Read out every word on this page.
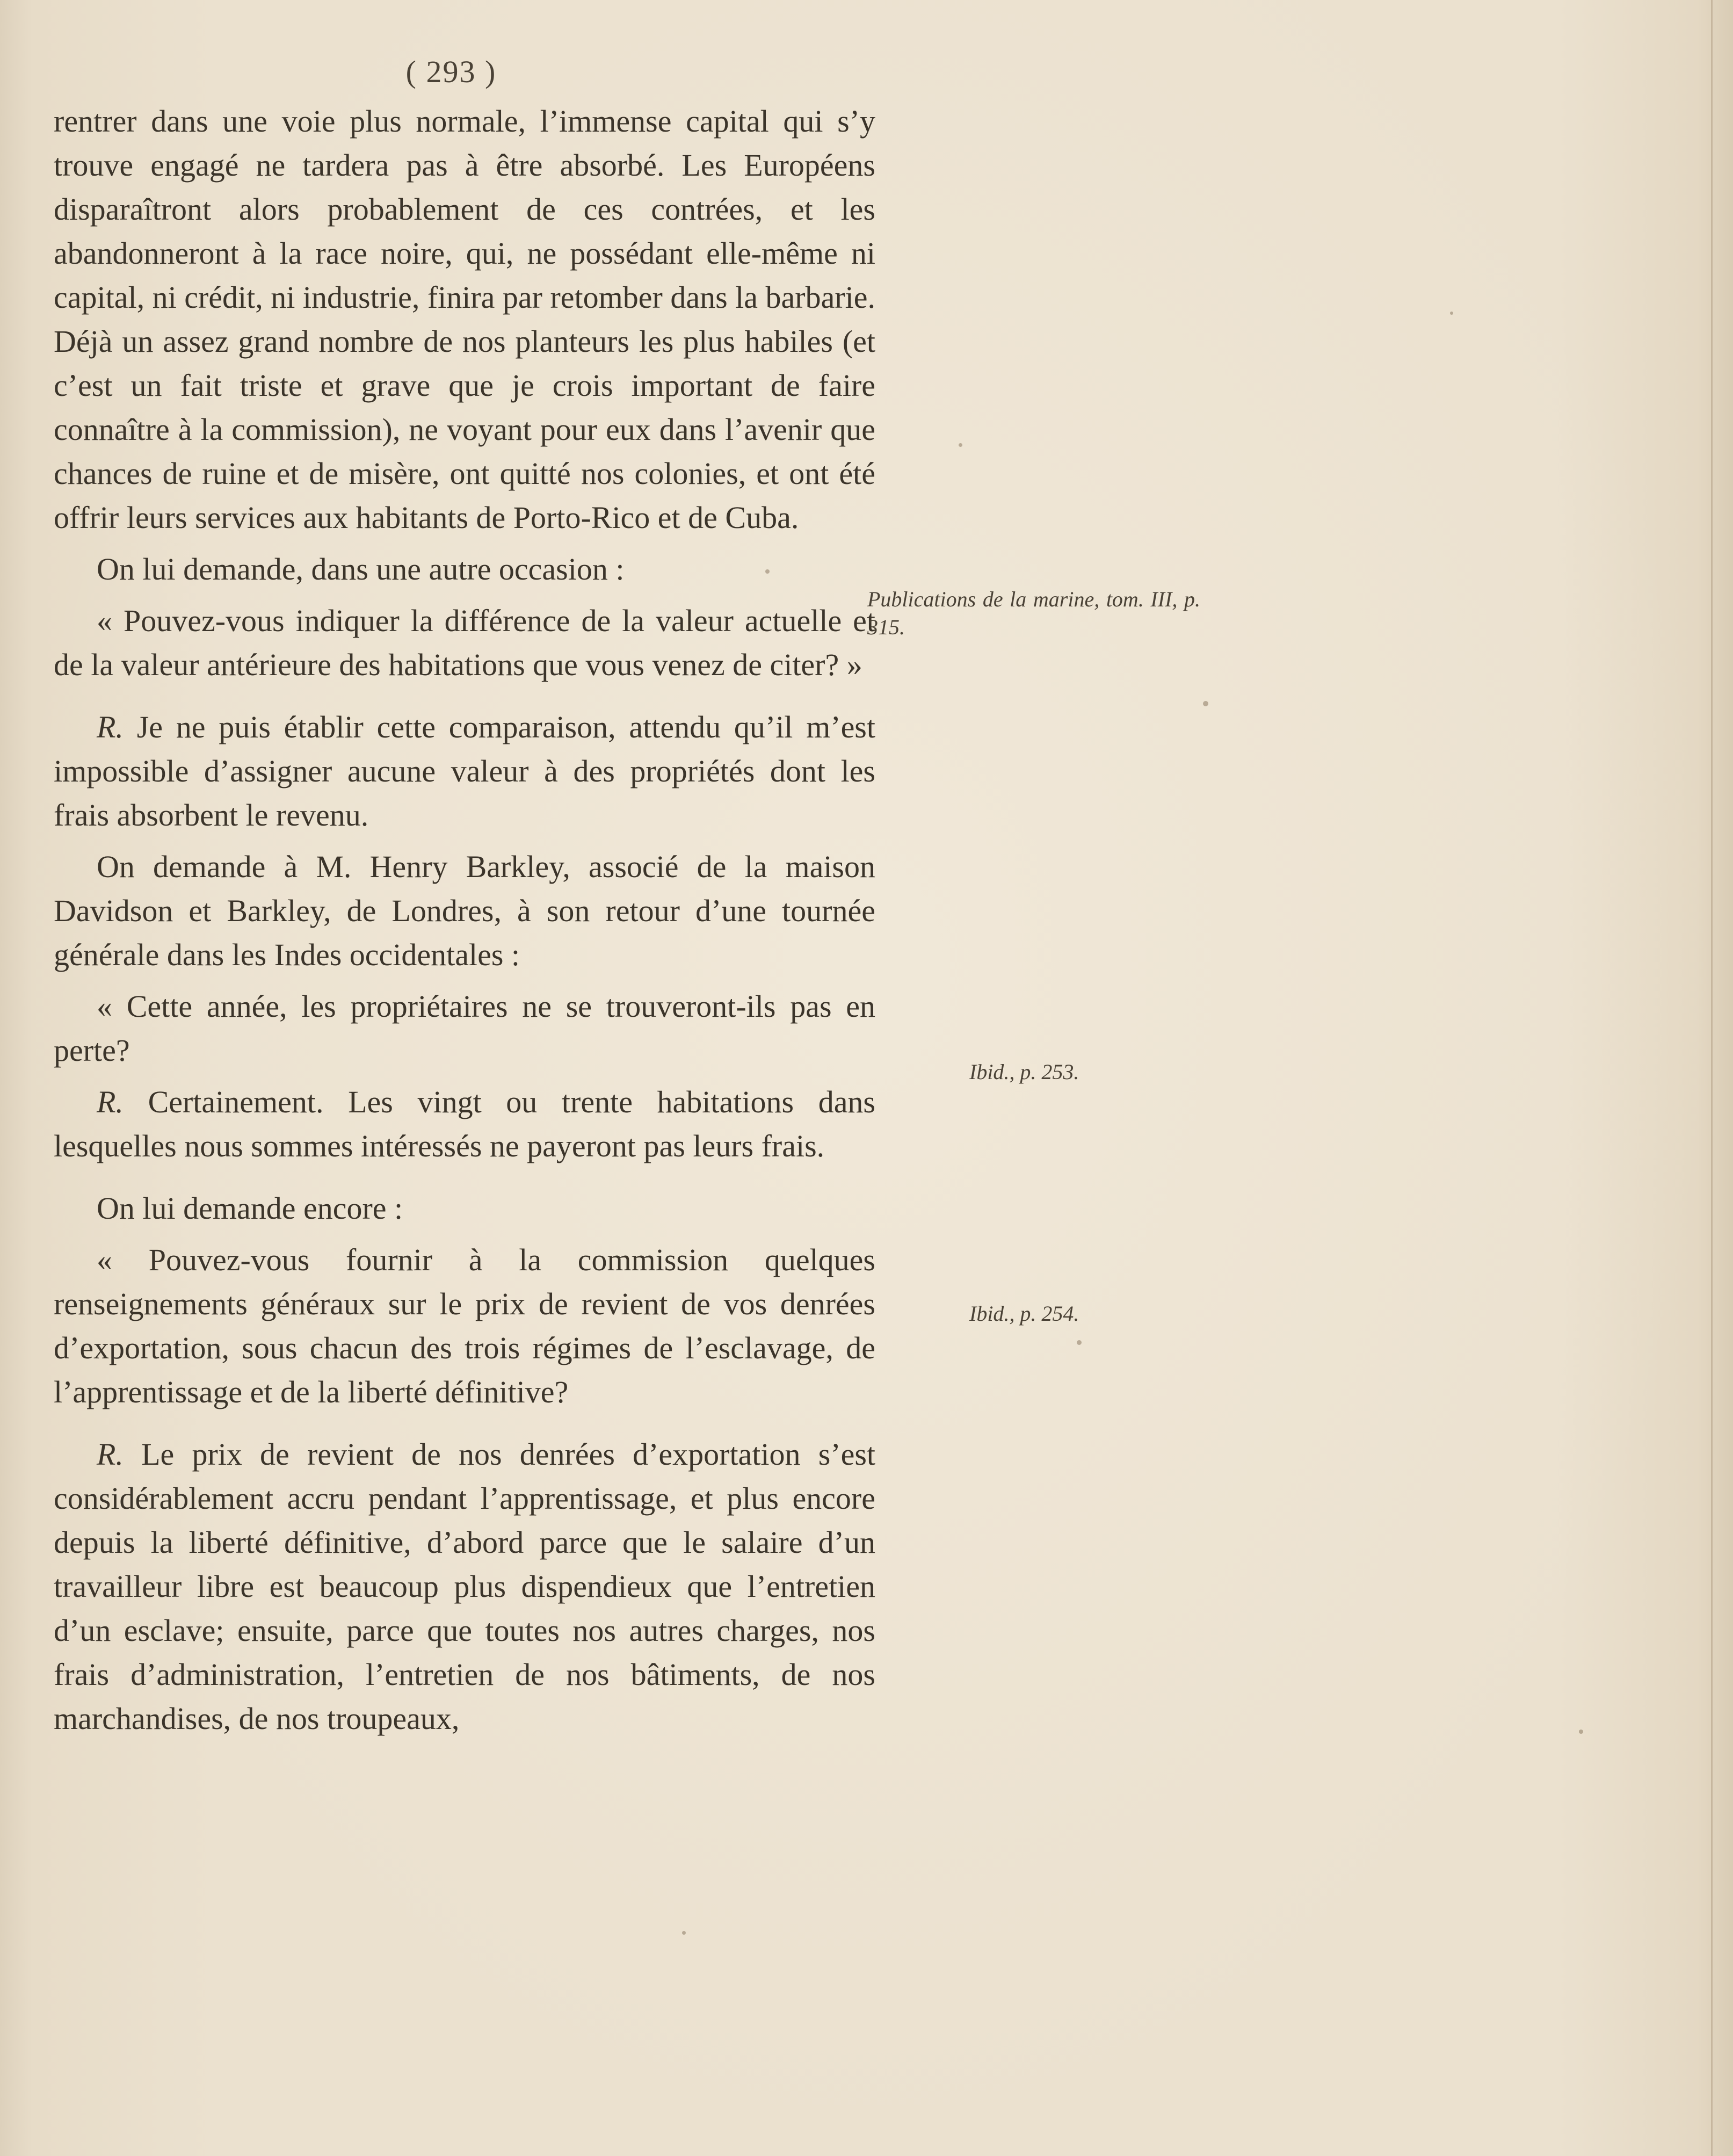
( 293 )

rentrer dans une voie plus normale, l’immense capital qui s’y trouve engagé ne tardera pas à être absorbé. Les Européens disparaîtront alors probablement de ces contrées, et les abandonneront à la race noire, qui, ne possédant elle-même ni capital, ni crédit, ni industrie, finira par retomber dans la barbarie. Déjà un assez grand nombre de nos planteurs les plus habiles (et c’est un fait triste et grave que je crois important de faire connaître à la commission), ne voyant pour eux dans l’avenir que chances de ruine et de misère, ont quitté nos colonies, et ont été offrir leurs services aux habitants de Porto-Rico et de Cuba.

On lui demande, dans une autre occasion :

« Pouvez-vous indiquer la différence de la valeur actuelle et de la valeur antérieure des habitations que vous venez de citer? »

R. Je ne puis établir cette comparaison, attendu qu’il m’est impossible d’assigner aucune valeur à des propriétés dont les frais absorbent le revenu.

On demande à M. Henry Barkley, associé de la maison Davidson et Barkley, de Londres, à son retour d’une tournée générale dans les Indes occidentales :

« Cette année, les propriétaires ne se trouveront-ils pas en perte?

R. Certainement. Les vingt ou trente habitations dans lesquelles nous sommes intéressés ne payeront pas leurs frais.

On lui demande encore :

« Pouvez-vous fournir à la commission quelques renseignements généraux sur le prix de revient de vos denrées d’exportation, sous chacun des trois régimes de l’esclavage, de l’apprentissage et de la liberté définitive?

R. Le prix de revient de nos denrées d’exportation s’est considérablement accru pendant l’apprentissage, et plus encore depuis la liberté définitive, d’abord parce que le salaire d’un travailleur libre est beaucoup plus dispendieux que l’entretien d’un esclave; ensuite, parce que toutes nos autres charges, nos frais d’administration, l’entretien de nos bâtiments, de nos marchandises, de nos troupeaux,

Publications de la marine, tom. III, p. 315.
Ibid., p. 253.
Ibid., p. 254.
